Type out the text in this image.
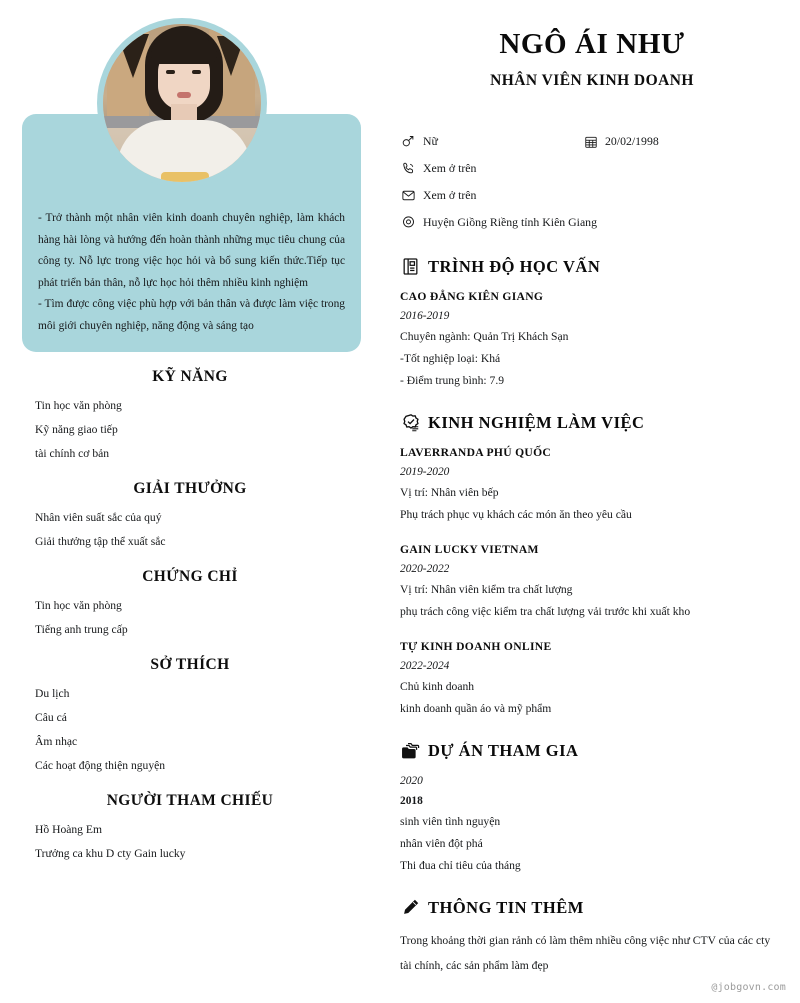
- Trở thành một nhân viên kinh doanh chuyên nghiệp, làm khách hàng hài lòng và hướng đến hoàn thành những mục tiêu chung của công ty. Nỗ lực trong việc học hỏi và bổ sung kiến thức.Tiếp tục phát triển bản thân, nỗ lực học hỏi thêm nhiều kinh nghiệm

- Tìm được công việc phù hợp với bản thân và được làm việc trong môi giới chuyên nghiệp, năng động và sáng tạo

KỸ NĂNG
Tin học văn phòng
Kỹ năng giao tiếp
tài chính cơ bản
GIẢI THƯỞNG
Nhân viên suất sắc của quý
Giải thưởng tập thể xuất sắc
CHỨNG CHỈ
Tin học văn phòng
Tiếng anh trung cấp
SỞ THÍCH
Du lịch
Câu cá
Âm nhạc
Các hoạt động thiện nguyện
NGƯỜI THAM CHIẾU
Hồ Hoàng Em
Trưởng ca khu D cty Gain lucky
NGÔ ÁI NHƯ
NHÂN VIÊN KINH DOANH
Nữ	20/02/1998
Xem ở trên
Xem ở trên
Huyện Giồng Riềng tỉnh Kiên Giang
TRÌNH ĐỘ HỌC VẤN
CAO ĐẲNG KIÊN GIANG
2016-2019
Chuyên ngành: Quản Trị Khách Sạn
-Tốt nghiệp loại: Khá
- Điểm trung bình: 7.9
KINH NGHIỆM LÀM VIỆC
LAVERRANDA PHÚ QUỐC
2019-2020
Vị trí: Nhân viên bếp
Phụ trách phục vụ khách các món ăn theo yêu cầu
GAIN LUCKY VIETNAM
2020-2022
Vị trí: Nhân viên kiểm tra chất lượng
phụ trách công việc kiểm tra chất lượng vải trước khi xuất kho
TỰ KINH DOANH ONLINE
2022-2024
Chủ kinh doanh
kinh doanh quần áo và mỹ phẩm
DỰ ÁN THAM GIA
2020
2018
sinh viên tình nguyện
nhân viên đột phá
Thi đua chỉ tiêu của tháng
THÔNG TIN THÊM
Trong khoảng thời gian rảnh có làm thêm nhiều công việc như CTV của các cty
tài chính, các sản phẩm làm đẹp
@jobgovn.com
